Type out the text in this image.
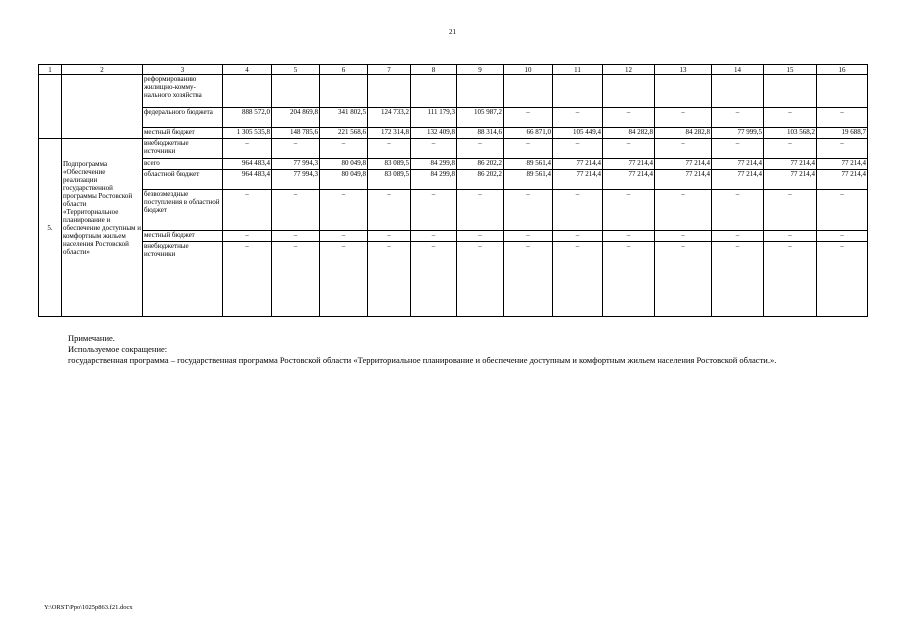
21
1	2	3	4	5	6	7	8	9	10	11	12	13	14	15	16
		реформированию жилищно-комму-нального хозяйства													
		федерального бюджета	888 572,0	204 869,8	341 802,5	124 733,2	111 179,3	105 987,2	–	–	–	–	–	–	–
		местный бюджет	1 305 535,8	148 785,6	221 568,6	172 314,8	132 409,8	88 314,6	66 871,0	105 449,4	84 282,8	84 282,8	77 999,5	103 568,2	19 688,7
5.	Подпрограмма «Обеспечение реализации государственной программы Ростовской области «Территориальное планирование и обеспечение доступным и комфортным жильем населения Ростовской области»	внебюджетные источники	–	–	–	–	–	–	–	–	–	–	–	–	–
		всего	964 483,4	77 994,3	80 049,8	83 089,5	84 299,8	86 202,2	89 561,4	77 214,4	77 214,4	77 214,4	77 214,4	77 214,4	77 214,4
		областной бюджет	964 483,4	77 994,3	80 049,8	83 089,5	84 299,8	86 202,2	89 561,4	77 214,4	77 214,4	77 214,4	77 214,4	77 214,4	77 214,4
		безвозмездные поступления в областной бюджет	–	–	–	–	–	–	–	–	–	–	–	–	–
		местный бюджет	–	–	–	–	–	–	–	–	–	–	–	–	–
		внебюджетные источники	–	–	–	–	–	–	–	–	–	–	–	–	–

Примечание.

Используемое сокращение:

государственная программа – государственная программа Ростовской области «Территориальное планирование и обеспечение доступным и комфортным жильем населения Ростовской области.».

Y:\ORST\Ppo\1025p863.f21.docx
